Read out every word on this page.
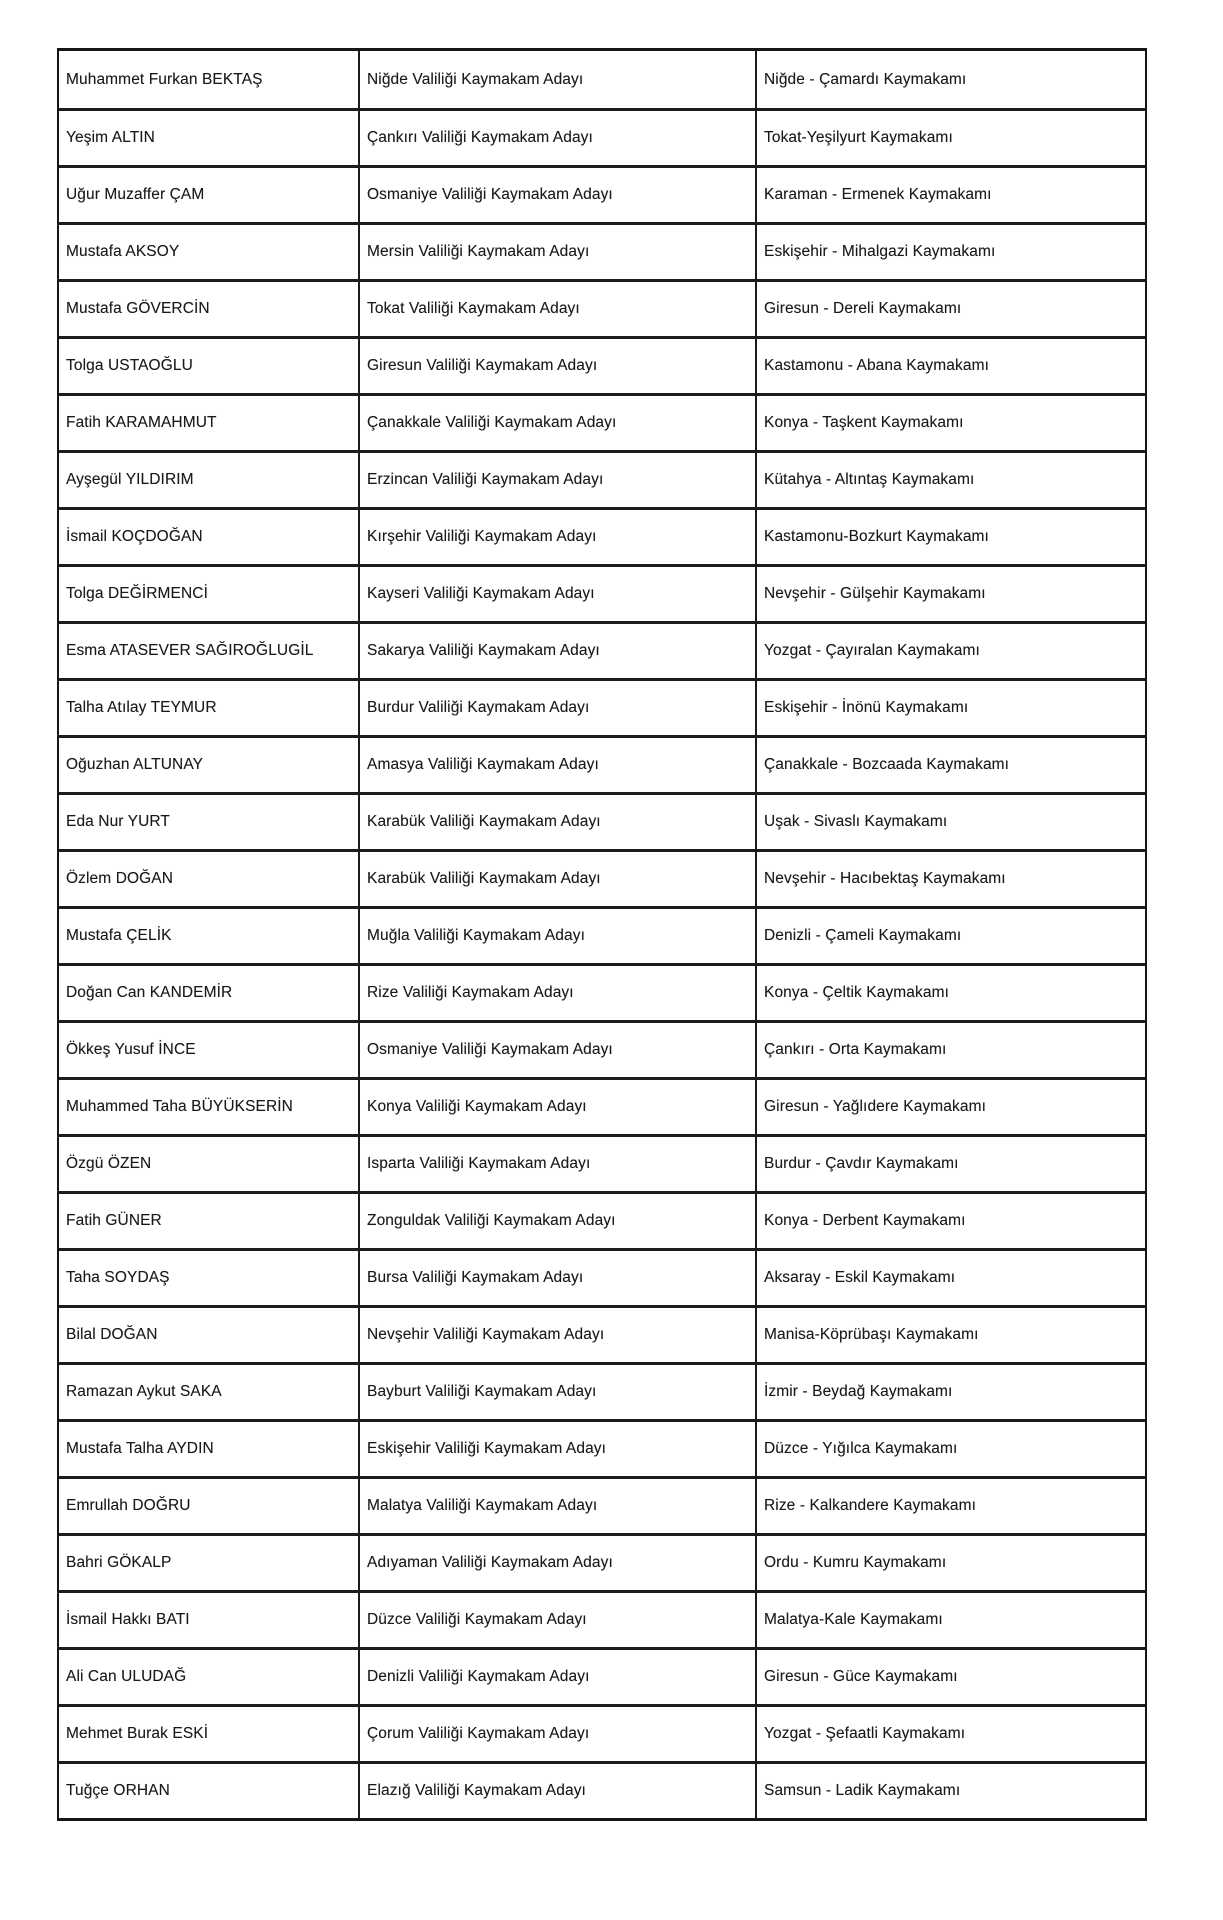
Muhammet Furkan BEKTAŞ	Niğde Valiliği Kaymakam Adayı	Niğde - Çamardı Kaymakamı
Yeşim ALTIN	Çankırı Valiliği Kaymakam Adayı	Tokat-Yeşilyurt Kaymakamı
Uğur Muzaffer ÇAM	Osmaniye Valiliği Kaymakam Adayı	Karaman - Ermenek Kaymakamı
Mustafa AKSOY	Mersin Valiliği Kaymakam Adayı	Eskişehir - Mihalgazi Kaymakamı
Mustafa GÖVERCİN	Tokat Valiliği Kaymakam Adayı	Giresun - Dereli Kaymakamı
Tolga USTAOĞLU	Giresun Valiliği Kaymakam Adayı	Kastamonu - Abana Kaymakamı
Fatih KARAMAHMUT	Çanakkale Valiliği Kaymakam Adayı	Konya - Taşkent Kaymakamı
Ayşegül YILDIRIM	Erzincan Valiliği Kaymakam Adayı	Kütahya - Altıntaş Kaymakamı
İsmail KOÇDOĞAN	Kırşehir Valiliği Kaymakam Adayı	Kastamonu-Bozkurt Kaymakamı
Tolga DEĞİRMENCİ	Kayseri Valiliği Kaymakam Adayı	Nevşehir - Gülşehir Kaymakamı
Esma ATASEVER SAĞIROĞLUGİL	Sakarya Valiliği Kaymakam Adayı	Yozgat - Çayıralan Kaymakamı
Talha Atılay TEYMUR	Burdur Valiliği Kaymakam Adayı	Eskişehir - İnönü Kaymakamı
Oğuzhan ALTUNAY	Amasya Valiliği Kaymakam Adayı	Çanakkale - Bozcaada Kaymakamı
Eda Nur YURT	Karabük Valiliği Kaymakam Adayı	Uşak - Sivaslı Kaymakamı
Özlem DOĞAN	Karabük Valiliği Kaymakam Adayı	Nevşehir - Hacıbektaş Kaymakamı
Mustafa ÇELİK	Muğla Valiliği Kaymakam Adayı	Denizli - Çameli Kaymakamı
Doğan Can KANDEMİR	Rize Valiliği Kaymakam Adayı	Konya - Çeltik Kaymakamı
Ökkeş Yusuf İNCE	Osmaniye Valiliği Kaymakam Adayı	Çankırı - Orta Kaymakamı
Muhammed Taha BÜYÜKSERİN	Konya Valiliği Kaymakam Adayı	Giresun - Yağlıdere Kaymakamı
Özgü ÖZEN	Isparta Valiliği Kaymakam Adayı	Burdur - Çavdır Kaymakamı
Fatih GÜNER	Zonguldak Valiliği Kaymakam Adayı	Konya - Derbent Kaymakamı
Taha SOYDAŞ	Bursa Valiliği Kaymakam Adayı	Aksaray - Eskil Kaymakamı
Bilal DOĞAN	Nevşehir Valiliği Kaymakam Adayı	Manisa-Köprübaşı Kaymakamı
Ramazan Aykut SAKA	Bayburt Valiliği Kaymakam Adayı	İzmir - Beydağ Kaymakamı
Mustafa Talha AYDIN	Eskişehir Valiliği Kaymakam Adayı	Düzce - Yığılca Kaymakamı
Emrullah DOĞRU	Malatya Valiliği Kaymakam Adayı	Rize - Kalkandere Kaymakamı
Bahri GÖKALP	Adıyaman Valiliği Kaymakam Adayı	Ordu - Kumru Kaymakamı
İsmail Hakkı BATI	Düzce Valiliği Kaymakam Adayı	Malatya-Kale Kaymakamı
Ali Can ULUDAĞ	Denizli Valiliği Kaymakam Adayı	Giresun - Güce Kaymakamı
Mehmet Burak ESKİ	Çorum Valiliği Kaymakam Adayı	Yozgat - Şefaatli Kaymakamı
Tuğçe ORHAN	Elazığ Valiliği Kaymakam Adayı	Samsun - Ladik Kaymakamı
